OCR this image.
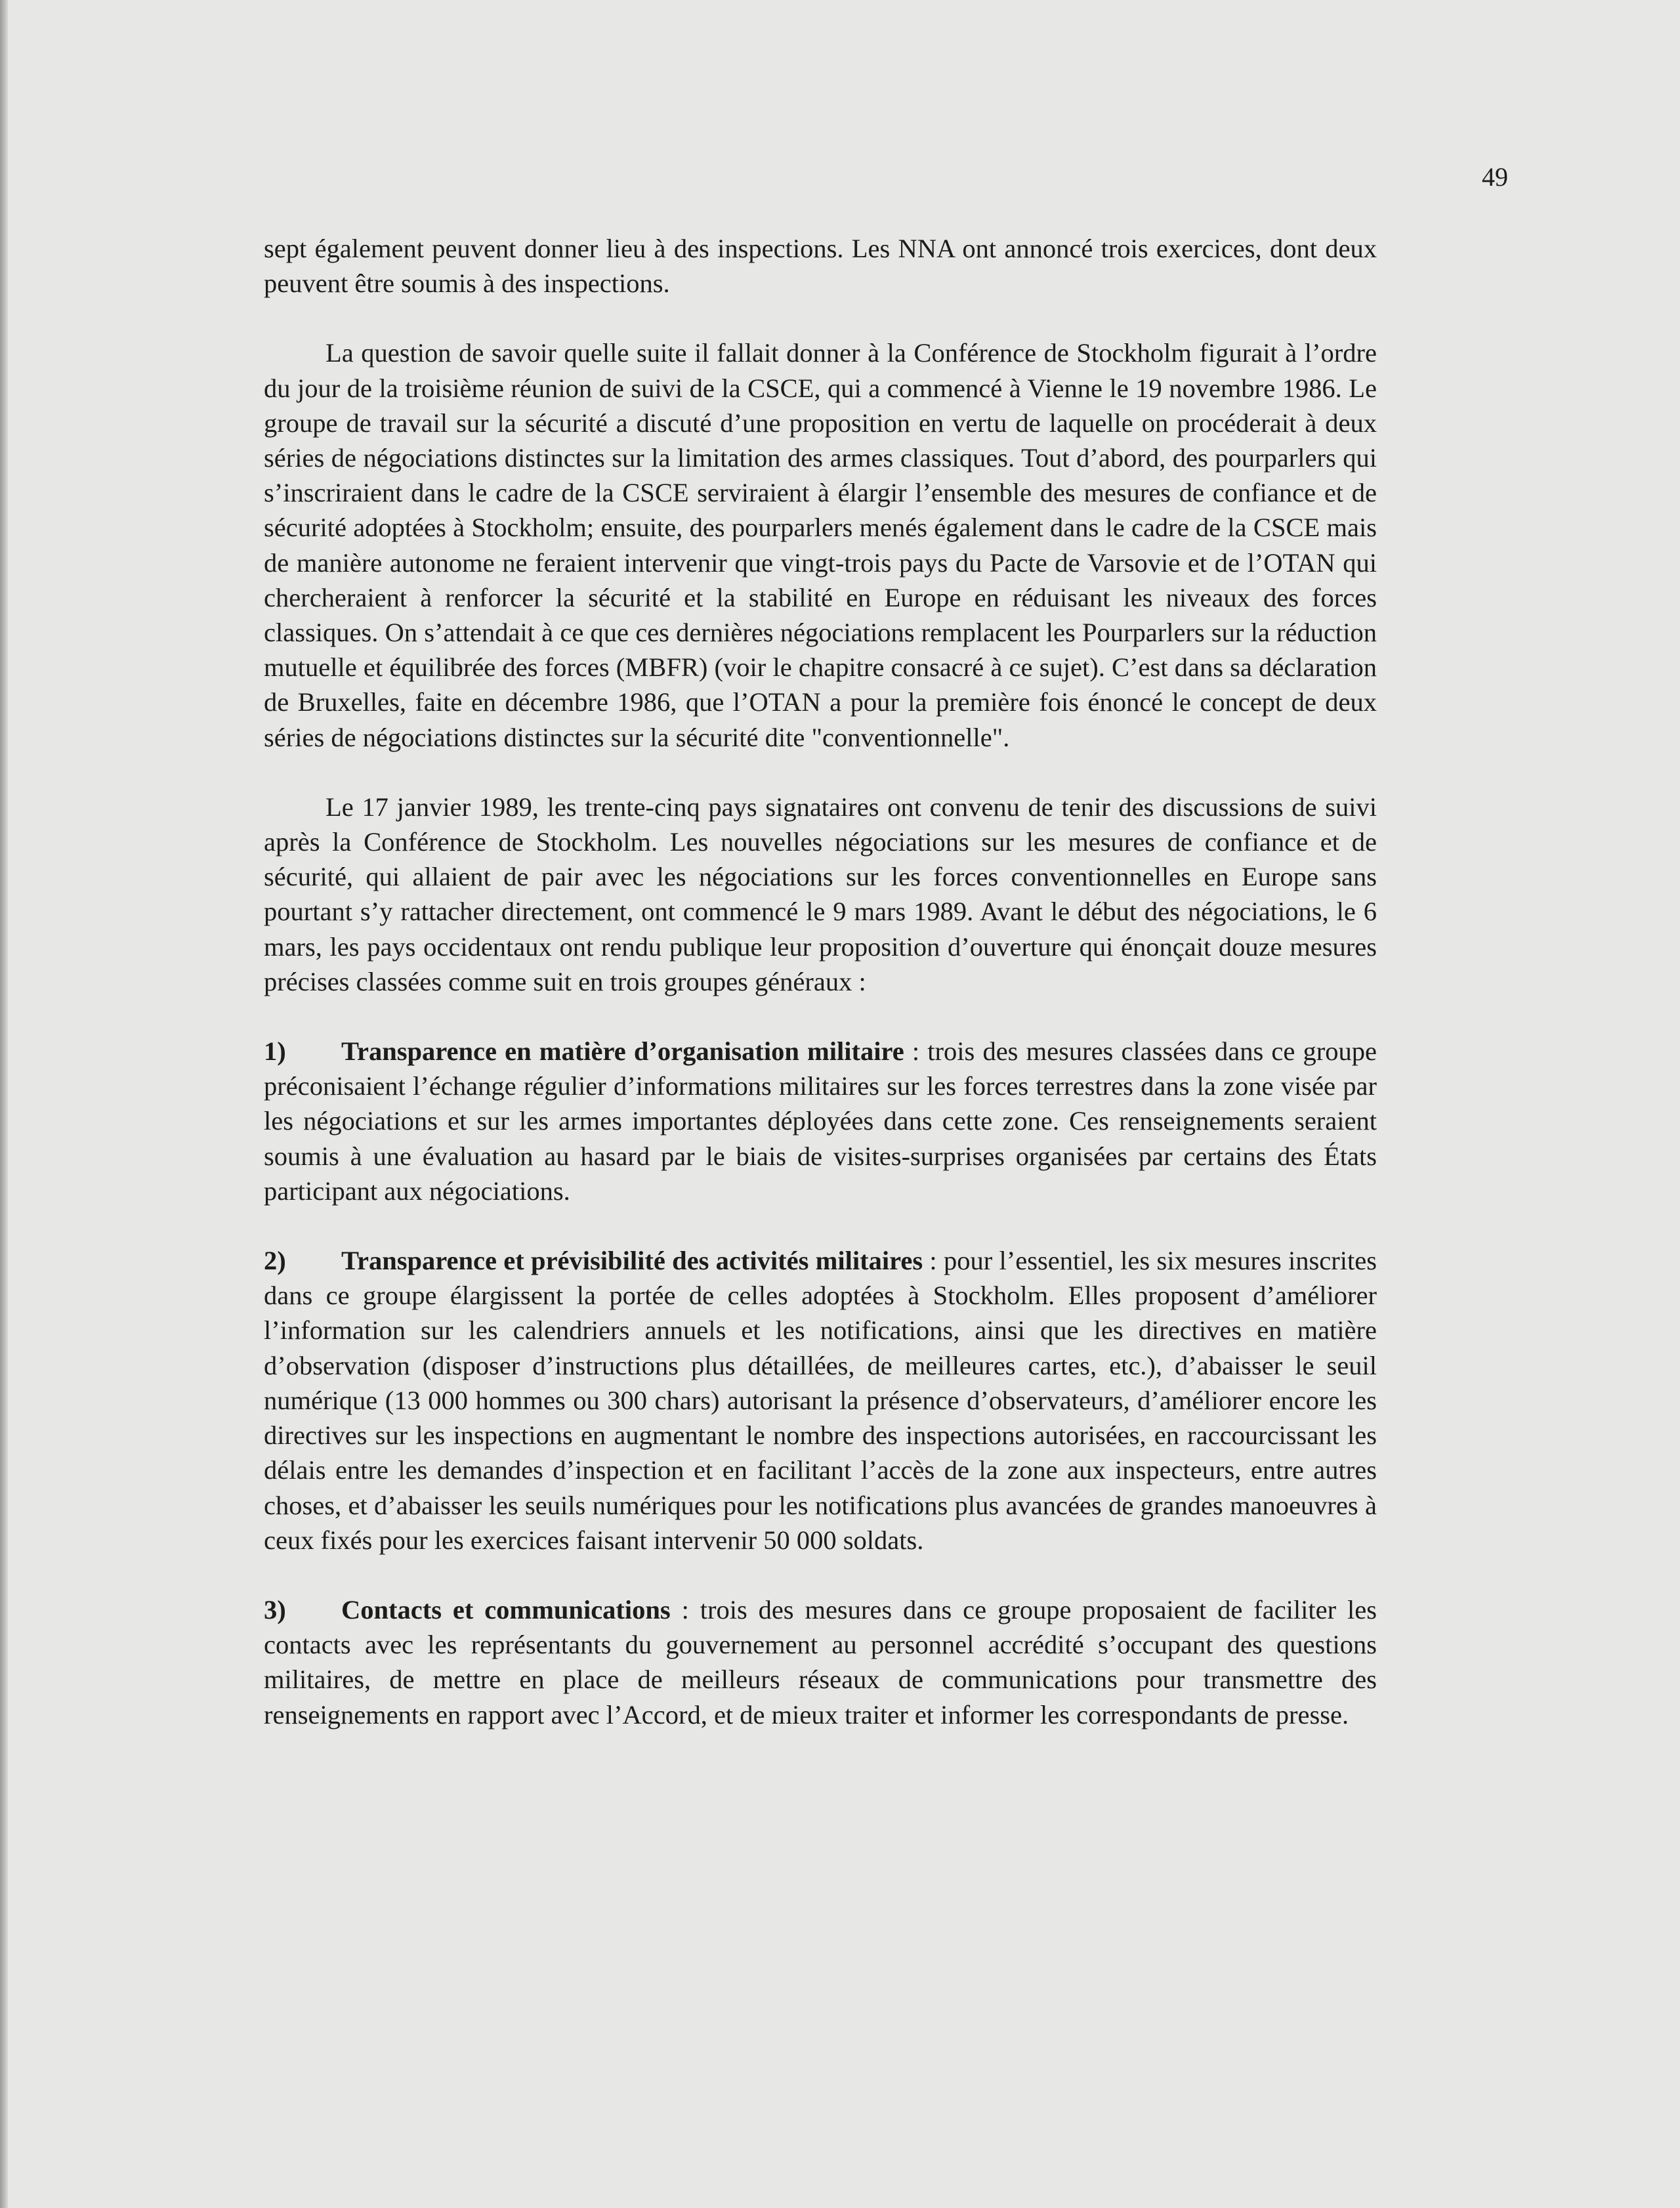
49

sept également peuvent donner lieu à des inspections. Les NNA ont annoncé trois exercices, dont deux peuvent être soumis à des inspections.

La question de savoir quelle suite il fallait donner à la Conférence de Stockholm figurait à l’ordre du jour de la troisième réunion de suivi de la CSCE, qui a commencé à Vienne le 19 novembre 1986. Le groupe de travail sur la sécurité a discuté d’une proposition en vertu de laquelle on procéderait à deux séries de négociations distinctes sur la limitation des armes classiques. Tout d’abord, des pourparlers qui s’inscriraient dans le cadre de la CSCE serviraient à élargir l’ensemble des mesures de confiance et de sécurité adoptées à Stockholm; ensuite, des pourparlers menés également dans le cadre de la CSCE mais de manière autonome ne feraient intervenir que vingt-trois pays du Pacte de Varsovie et de l’OTAN qui chercheraient à renforcer la sécurité et la stabilité en Europe en réduisant les niveaux des forces classiques. On s’attendait à ce que ces dernières négociations remplacent les Pourparlers sur la réduction mutuelle et équilibrée des forces (MBFR) (voir le chapitre consacré à ce sujet). C’est dans sa déclaration de Bruxelles, faite en décembre 1986, que l’OTAN a pour la première fois énoncé le concept de deux séries de négociations distinctes sur la sécurité dite "conventionnelle".

Le 17 janvier 1989, les trente-cinq pays signataires ont convenu de tenir des discussions de suivi après la Conférence de Stockholm. Les nouvelles négociations sur les mesures de confiance et de sécurité, qui allaient de pair avec les négociations sur les forces conventionnelles en Europe sans pourtant s’y rattacher directement, ont commencé le 9 mars 1989. Avant le début des négociations, le 6 mars, les pays occidentaux ont rendu publique leur proposition d’ouverture qui énonçait douze mesures précises classées comme suit en trois groupes généraux :

1) Transparence en matière d’organisation militaire : trois des mesures classées dans ce groupe préconisaient l’échange régulier d’informations militaires sur les forces terrestres dans la zone visée par les négociations et sur les armes importantes déployées dans cette zone. Ces renseignements seraient soumis à une évaluation au hasard par le biais de visites-surprises organisées par certains des États participant aux négociations.

2) Transparence et prévisibilité des activités militaires : pour l’essentiel, les six mesures inscrites dans ce groupe élargissent la portée de celles adoptées à Stockholm. Elles proposent d’améliorer l’information sur les calendriers annuels et les notifications, ainsi que les directives en matière d’observation (disposer d’instructions plus détaillées, de meilleures cartes, etc.), d’abaisser le seuil numérique (13 000 hommes ou 300 chars) autorisant la présence d’observateurs, d’améliorer encore les directives sur les inspections en augmentant le nombre des inspections autorisées, en raccourcissant les délais entre les demandes d’inspection et en facilitant l’accès de la zone aux inspecteurs, entre autres choses, et d’abaisser les seuils numériques pour les notifications plus avancées de grandes manoeuvres à ceux fixés pour les exercices faisant intervenir 50 000 soldats.

3) Contacts et communications : trois des mesures dans ce groupe proposaient de faciliter les contacts avec les représentants du gouvernement au personnel accrédité s’occupant des questions militaires, de mettre en place de meilleurs réseaux de communications pour transmettre des renseignements en rapport avec l’Accord, et de mieux traiter et informer les correspondants de presse.
